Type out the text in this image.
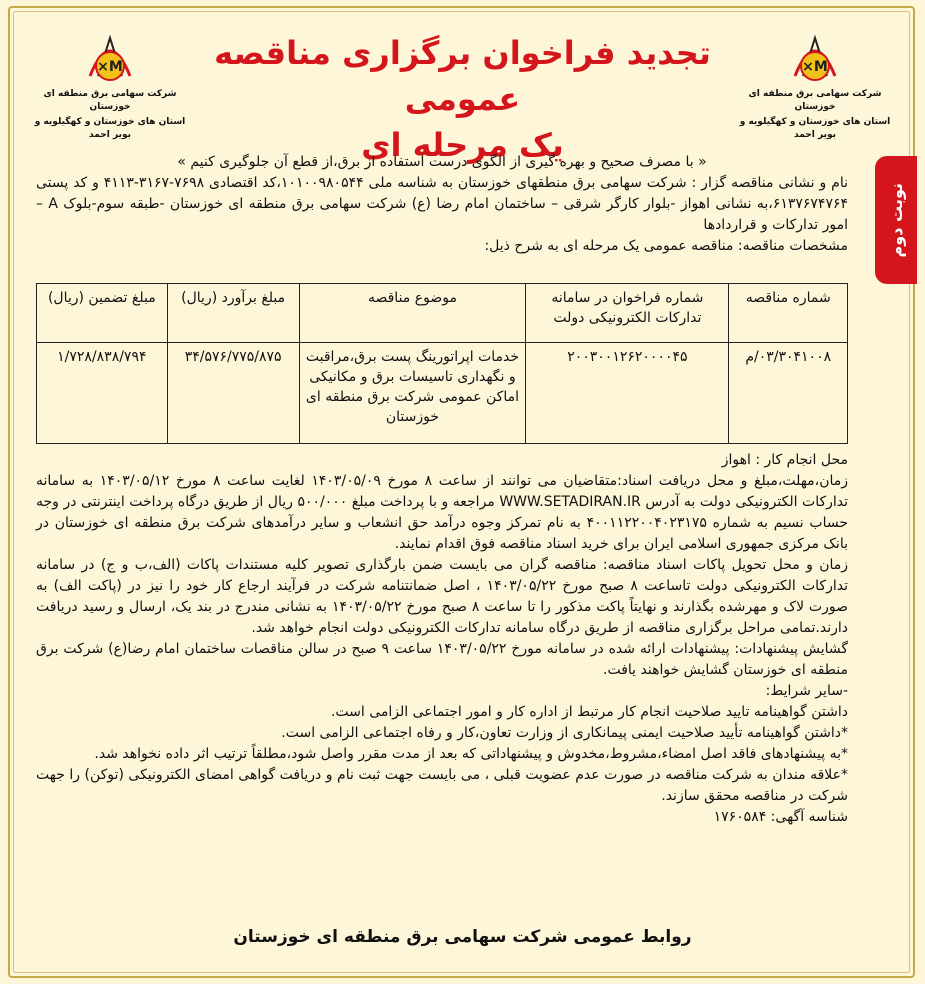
×M
شرکت سهامی برق منطقه ای خوزستان
استان های خوزستان و کهگیلویه و بویر احمد
×M
شرکت سهامی برق منطقه ای خوزستان
استان های خوزستان و کهگیلویه و بویر احمد
تجدید فراخوان برگزاری مناقصه عمومی
یک مرحله ای
نوبت دوم

« با مصرف صحیح و بهره گیری از الگوی درست استفاده از برق،از قطع آن جلوگیری کنیم »

نام و نشانی مناقصه گزار : شرکت سهامی برق منطقهای خوزستان به شناسه ملی ۱۰۱۰۰۹۸۰۵۴۴،کد اقتصادی ۷۶۹۸-۳۱۶۷-۴۱۱۳ و کد پستی ۶۱۳۷۶۷۴۷۶۴،به نشانی اهواز -بلوار کارگر شرقی – ساختمان امام رضا (ع) شرکت سهامی برق منطقه ای خوزستان -طبقه سوم-بلوک A – امور تدارکات و قراردادها

مشخصات مناقصه: مناقصه عمومی یک مرحله ای به شرح ذیل:

شماره مناقصه	شماره فراخوان در سامانه تدارکات الکترونیکی دولت	موضوع مناقصه	مبلغ برآورد (ریال)	مبلغ تضمین (ریال)
۰۳/۳۰۴۱۰۰۸/م	۲۰۰۳۰۰۱۲۶۲۰۰۰۰۴۵	خدمات اپراتورینگ پست برق،مراقبت و نگهداری تاسیسات برق و مکانیکی اماکن عمومی شرکت برق منطقه ای خوزستان	۳۴/۵۷۶/۷۷۵/۸۷۵	۱/۷۲۸/۸۳۸/۷۹۴

محل انجام کار : اهواز

زمان،مهلت،مبلغ و محل دریافت اسناد:متقاضیان می توانند از ساعت ۸ مورخ ۱۴۰۳/۰۵/۰۹ لغایت ساعت ۸ مورخ ۱۴۰۳/۰۵/۱۲ به سامانه تدارکات الکترونیکی دولت به آدرس WWW.SETADIRAN.IR مراجعه و با پرداخت مبلغ ۵۰۰/۰۰۰ ریال از طریق درگاه پرداخت اینترنتی در وجه حساب نسیم به شماره ۴۰۰۱۱۲۲۰۰۴۰۲۳۱۷۵ به نام تمرکز وجوه درآمد حق انشعاب و سایر درآمدهای شرکت برق منطقه ای خوزستان در بانک مرکزی جمهوری اسلامی ایران برای خرید اسناد مناقصه فوق اقدام نمایند.

زمان و محل تحویل پاکات اسناد مناقصه: مناقصه گران می بایست ضمن بارگذاری تصویر کلیه مستندات پاکات (الف،ب و ج) در سامانه تدارکات الکترونیکی دولت تاساعت ۸ صبح مورخ ۱۴۰۳/۰۵/۲۲ ، اصل ضمانتنامه شرکت در فرآیند ارجاع کار خود را نیز در (پاکت الف) به صورت لاک و مهرشده بگذارند و نهایتاً پاکت مذکور را تا ساعت ۸ صبح مورخ ۱۴۰۳/۰۵/۲۲ به نشانی مندرج در بند یک، ارسال و رسید دریافت دارند.تمامی مراحل برگزاری مناقصه از طریق درگاه سامانه تدارکات الکترونیکی دولت انجام خواهد شد.

گشایش پیشنهادات: پیشنهادات ارائه شده در سامانه مورخ ۱۴۰۳/۰۵/۲۲ ساعت ۹ صبح در سالن مناقصات ساختمان امام رضا(ع) شرکت برق منطقه ای خوزستان گشایش خواهند یافت.

-سایر شرایط:

داشتن گواهینامه تایید صلاحیت انجام کار مرتبط از اداره کار و امور اجتماعی الزامی است.

*داشتن گواهینامه تأیید صلاحیت ایمنی پیمانکاری از وزارت تعاون،کار و رفاه اجتماعی الزامی است.

*به پیشنهادهای فاقد اصل امضاء،مشروط،مخدوش و پیشنهاداتی که بعد از مدت مقرر واصل شود،مطلقاً ترتیب اثر داده نخواهد شد.

*علاقه مندان به شرکت مناقصه در صورت عدم عضویت قبلی ، می بایست جهت ثبت نام و دریافت گواهی امضای الکترونیکی (توکن) را جهت شرکت در مناقصه محقق سازند.

شناسه آگهی: ۱۷۶۰۵۸۴

روابط عمومی شرکت سهامی برق منطقه ای خوزستان
